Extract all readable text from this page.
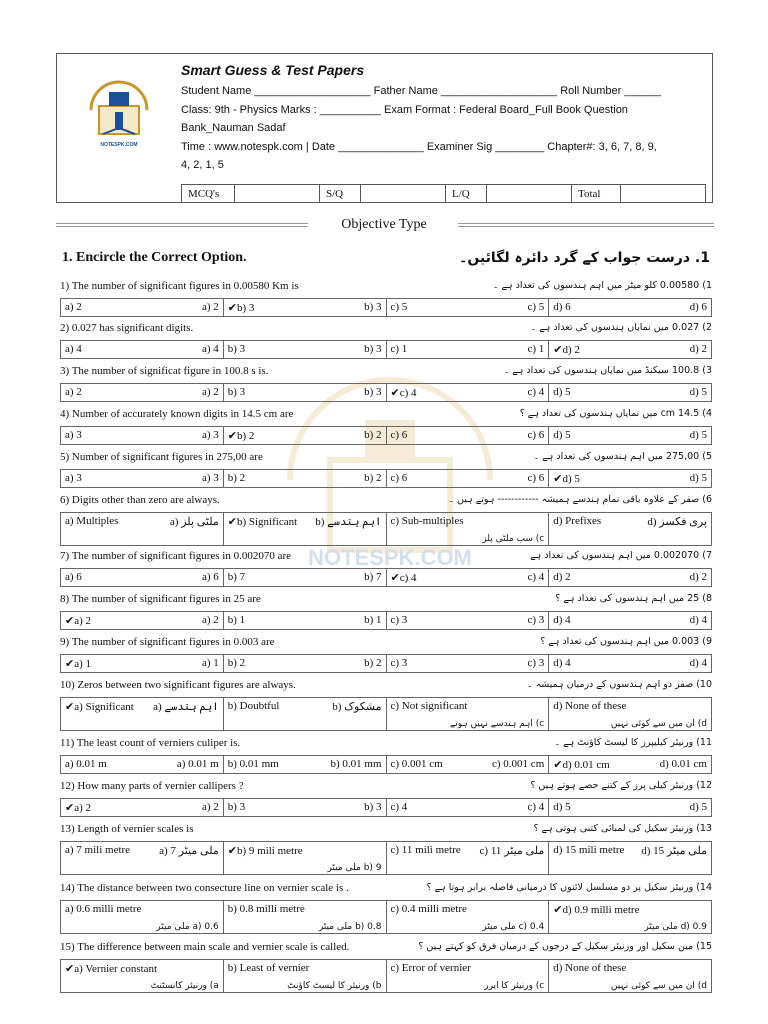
NOTESPK.COM
Smart Guess & Test Papers
Student Name ___________________ Father Name ___________________ Roll Number ______
Class: 9th - Physics Marks : __________ Exam Format : Federal Board_Full Book Question
Bank_Nauman Sadaf
Time : www.notespk.com | Date ______________ Examiner Sig ________ Chapter#: 3, 6, 7, 8, 9,
4, 2, 1, 5
MCQ's		S/Q		L/Q		Total	
Objective Type
NOTESPK.COM
1. Encircle the Correct Option.	1. درست جواب کے گرد دائرہ لگائیں۔
1) The number of significant figures in 0.00580 Km is	1) 0.00580 کلو میٹر میں اہم ہندسوں کی تعداد ہے ۔
a) 2	a) 2 ✔b) 3	b) 3 c) 5	c) 5 d) 6	d) 6
2) 0.027 has significant digits.	2) 0.027 میں نمایاں ہندسوں کی تعداد ہے ۔
a) 4	a) 4 b) 3	b) 3 c) 1	c) 1 ✔d) 2	d) 2
3) The number of significat figure in 100.8 s is.	3) 100.8 سیکنڈ میں نمایاں ہندسوں کی تعداد ہے ۔
a) 2	a) 2 b) 3	b) 3 ✔c) 4	c) 4 d) 5	d) 5
4) Number of accurately known digits in 14.5 cm are	4) cm 14.5 میں نمایاں ہندسوں کی تعداد ہے ؟
a) 3	a) 3 ✔b) 2	b) 2 c) 6	c) 6 d) 5	d) 5
5) Number of significant figures in 275,00 are	5) 275,00 میں اہم ہندسوں کی تعداد ہے ۔
a) 3	a) 3 b) 2	b) 2 c) 6	c) 6 ✔d) 5	d) 5
6) Digits other than zero are always.	6) صفر کے علاوہ باقی تمام ہندسے ہمیشہ ------------ ہوتے ہیں ۔
a) Multiples	a) ملٹی پلز ✔b) Significant b) اہم ہندسے c) Sub-multiples
c) سب ملٹی پلز
d) Prefixes	d) پری فکسز
7) The number of significant figures in 0.002070 are	7) 0.002070 میں اہم ہندسوں کی تعداد ہے
a) 6	a) 6 b) 7	b) 7 ✔c) 4	c) 4 d) 2	d) 2
8) The number of significant figures in 25 are	8) 25 میں اہم ہندسوں کی تعداد ہے ؟
✔a) 2	a) 2 b) 1	b) 1 c) 3	c) 3 d) 4	d) 4
9) The number of significant figures in 0.003 are	9) 0.003 میں اہم ہندسوں کی تعداد ہے ؟
✔a) 1	a) 1 b) 2	b) 2 c) 3	c) 3 d) 4	d) 4
10) Zeros between two significant figures are always.	10) صفر دو اہم ہندسوں کے درمیان ہمیشہ ۔
✔a) Significant a) اہم ہندسے b) Doubtful	b) مشکوک c) Not significant
c) اہم ہندسے نہیں ہوتے
d) None of these
d) ان میں سے کوئی نہیں
11) The least count of verniers culiper is.	11) ورنیئر کیلیپرز کا لیسٹ کاؤنٹ ہے ۔
a) 0.01 m	a) 0.01 m b) 0.01 mm	b) 0.01 mm c) 0.001 cm	c) 0.001 cm ✔d) 0.01 cm	d) 0.01 cm
12) How many parts of vernier callipers ?	12) ورنیئر کیلی پرز کے کتنے حصے ہوتے ہیں ؟
✔a) 2	a) 2 b) 3	b) 3 c) 4	c) 4 d) 5	d) 5
13) Length of vernier scales is	13) ورنیئر سکیل کی لمبائی کتنی ہوتی ہے ؟
a) 7 mili metre	a) 7 ملی میٹر ✔b) 9 mili metre
b) 9 ملی میٹر
c) 11 mili metre c) 11 ملی میٹر d) 15 mili metre d) 15 ملی میٹر
14) The distance between two consecture line on vernier scale is .	14) ورنیئر سکیل پر دو مسلسل لائنوں کا درمیانی فاصلہ برابر ہوتا ہے ؟
a) 0.6 milli metre
a) 0.6 ملی میٹر
b) 0.8 milli metre
b) 0.8 ملی میٹر
c) 0.4 milli metre
c) 0.4 ملی میٹر
✔d) 0.9 milli metre
d) 0.9 ملی میٹر
15) The difference between main scale and vernier scale is called.	15) مین سکیل اور ورنیئر سکیل کے درجوں کے درمیان فرق کو کہتے ہیں ؟
✔a) Vernier constant
a) ورنیئر کانسٹنٹ
b) Least of vernier
b) ورنیئر کا لیسٹ کاؤنٹ
c) Error of vernier
c) ورنیئر کا ایرر
d) None of these
d) ان میں سے کوئی نہیں
